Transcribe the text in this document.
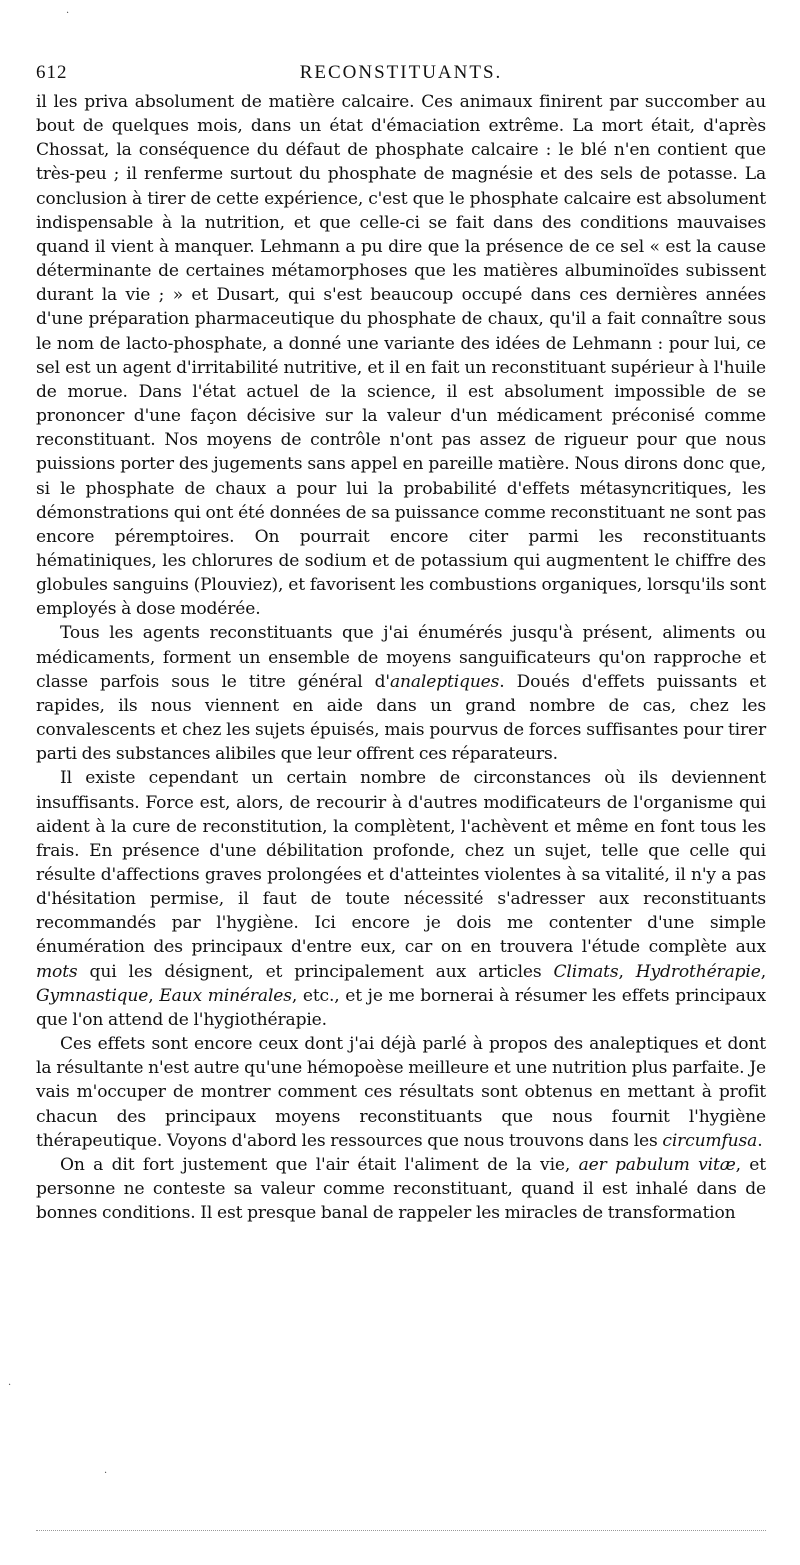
612	RECONSTITUANTS.

il les priva absolument de matière calcaire. Ces animaux finirent par succomber au bout de quelques mois, dans un état d'émaciation extrême. La mort était, d'après Chossat, la conséquence du défaut de phosphate calcaire : le blé n'en contient que très-peu ; il renferme surtout du phosphate de magnésie et des sels de potasse. La conclusion à tirer de cette expérience, c'est que le phosphate calcaire est absolument indispensable à la nutrition, et que celle-ci se fait dans des conditions mauvaises quand il vient à manquer. Lehmann a pu dire que la présence de ce sel « est la cause déterminante de certaines métamorphoses que les matières albuminoïdes subissent durant la vie ; » et Dusart, qui s'est beaucoup occupé dans ces dernières années d'une préparation pharmaceutique du phosphate de chaux, qu'il a fait connaître sous le nom de lacto-phosphate, a donné une variante des idées de Lehmann : pour lui, ce sel est un agent d'irritabilité nutritive, et il en fait un reconstituant supérieur à l'huile de morue. Dans l'état actuel de la science, il est absolument impossible de se prononcer d'une façon décisive sur la valeur d'un médicament préconisé comme reconstituant. Nos moyens de contrôle n'ont pas assez de rigueur pour que nous puissions porter des jugements sans appel en pareille matière. Nous dirons donc que, si le phosphate de chaux a pour lui la probabilité d'effets métasyncritiques, les démonstrations qui ont été données de sa puissance comme reconstituant ne sont pas encore péremptoires. On pourrait encore citer parmi les reconstituants hématiniques, les chlorures de sodium et de potassium qui augmentent le chiffre des globules sanguins (Plouviez), et favorisent les combustions organiques, lorsqu'ils sont employés à dose modérée.

Tous les agents reconstituants que j'ai énumérés jusqu'à présent, aliments ou médicaments, forment un ensemble de moyens sanguificateurs qu'on rapproche et classe parfois sous le titre général d'analeptiques. Doués d'effets puissants et rapides, ils nous viennent en aide dans un grand nombre de cas, chez les convalescents et chez les sujets épuisés, mais pourvus de forces suffisantes pour tirer parti des substances alibiles que leur offrent ces réparateurs.

Il existe cependant un certain nombre de circonstances où ils deviennent insuffisants. Force est, alors, de recourir à d'autres modificateurs de l'organisme qui aident à la cure de reconstitution, la complètent, l'achèvent et même en font tous les frais. En présence d'une débilitation profonde, chez un sujet, telle que celle qui résulte d'affections graves prolongées et d'atteintes violentes à sa vitalité, il n'y a pas d'hésitation permise, il faut de toute nécessité s'adresser aux reconstituants recommandés par l'hygiène. Ici encore je dois me contenter d'une simple énumération des principaux d'entre eux, car on en trouvera l'étude complète aux mots qui les désignent, et principalement aux articles Climats, Hydrothérapie, Gymnastique, Eaux minérales, etc., et je me bornerai à résumer les effets principaux que l'on attend de l'hygiothérapie.

Ces effets sont encore ceux dont j'ai déjà parlé à propos des analeptiques et dont la résultante n'est autre qu'une hémopoèse meilleure et une nutrition plus parfaite. Je vais m'occuper de montrer comment ces résultats sont obtenus en mettant à profit chacun des principaux moyens reconstituants que nous fournit l'hygiène thérapeutique. Voyons d'abord les ressources que nous trouvons dans les circumfusa.

On a dit fort justement que l'air était l'aliment de la vie, aer pabulum vitæ, et personne ne conteste sa valeur comme reconstituant, quand il est inhalé dans de bonnes conditions. Il est presque banal de rappeler les miracles de transformation

·
·
·
